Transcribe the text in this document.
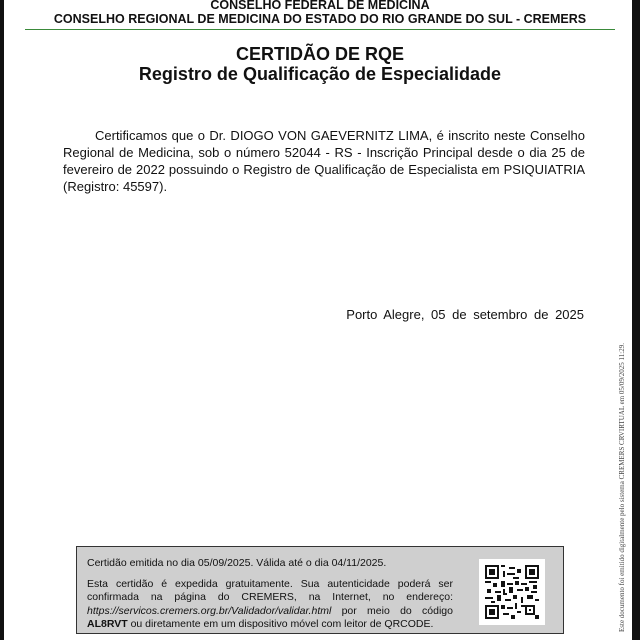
CONSELHO FEDERAL DE MEDICINA
CONSELHO REGIONAL DE MEDICINA DO ESTADO DO RIO GRANDE DO SUL - CREMERS
CERTIDÃO DE RQE
Registro de Qualificação de Especialidade
Certificamos que o Dr. DIOGO VON GAEVERNITZ LIMA, é inscrito neste Conselho Regional de Medicina, sob o número 52044 - RS - Inscrição Principal desde o dia 25 de fevereiro de 2022 possuindo o Registro de Qualificação de Especialista em PSIQUIATRIA (Registro: 45597).
Porto Alegre, 05 de setembro de 2025
Este documento foi emitido digitalmente pelo sistema CREMERS CRVIRTUAL em 05/09/2025 11:29.
Certidão emitida no dia 05/09/2025. Válida até o dia 04/11/2025.
Esta certidão é expedida gratuitamente. Sua autenticidade poderá ser confirmada na página do CREMERS, na Internet, no endereço: https://servicos.cremers.org.br/Validador/validar.html por meio do código AL8RVT ou diretamente em um dispositivo móvel com leitor de QRCODE.
